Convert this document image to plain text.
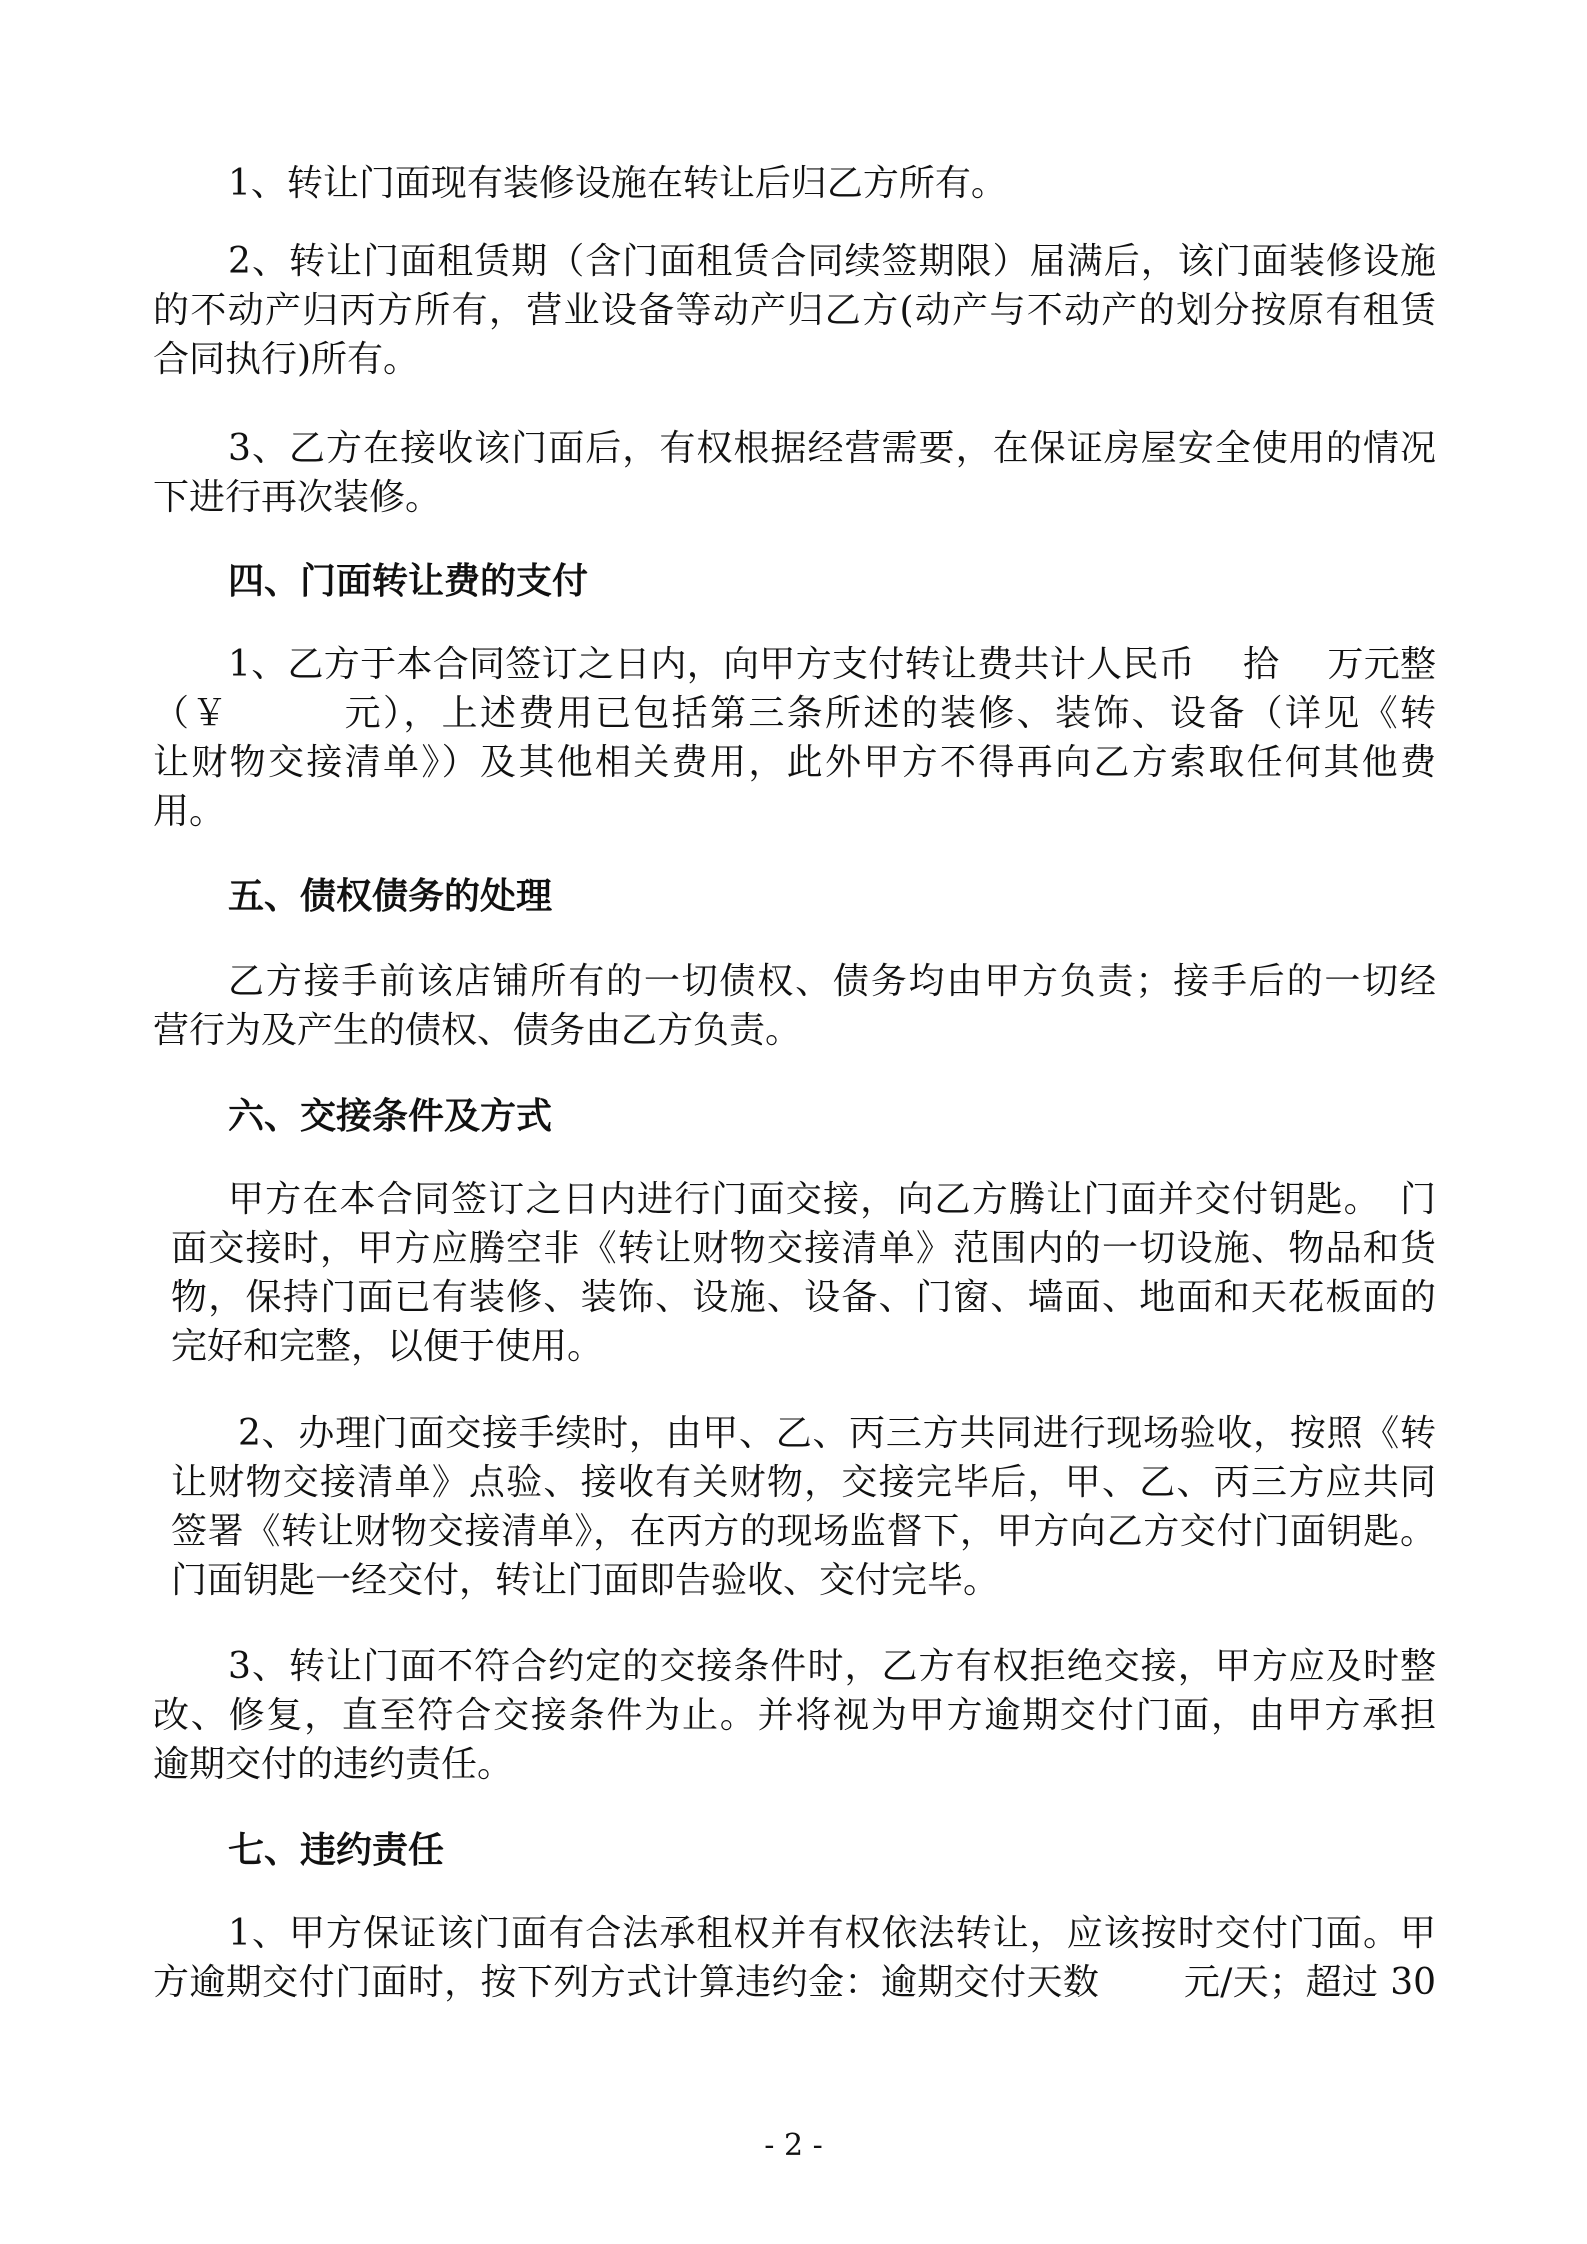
1、转让门面现有装修设施在转让后归乙方所有。
2、转让门面租赁期（含门面租赁合同续签期限）届满后，该门面装修设施
的不动产归丙方所有，营业设备等动产归乙方(动产与不动产的划分按原有租赁
合同执行)所有。
3、乙方在接收该门面后，有权根据经营需要，在保证房屋安全使用的情况
下进行再次装修。
四、门面转让费的支付
1、乙方于本合同签订之日内，向甲方支付转让费共计人民币　 拾　 万元整
（￥　　　元），上述费用已包括第三条所述的装修、装饰、设备（详见《转
让财物交接清单》）及其他相关费用，此外甲方不得再向乙方索取任何其他费
用。
五、债权债务的处理
乙方接手前该店铺所有的一切债权、债务均由甲方负责；接手后的一切经
营行为及产生的债权、债务由乙方负责。
六、交接条件及方式
甲方在本合同签订之日内进行门面交接，向乙方腾让门面并交付钥匙。　门
面交接时，甲方应腾空非《转让财物交接清单》范围内的一切设施、物品和货
物，保持门面已有装修、装饰、设施、设备、门窗、墙面、地面和天花板面的
完好和完整，以便于使用。
2、办理门面交接手续时，由甲、乙、丙三方共同进行现场验收，按照《转
让财物交接清单》点验、接收有关财物，交接完毕后，甲、乙、丙三方应共同
签署《转让财物交接清单》，在丙方的现场监督下，甲方向乙方交付门面钥匙。
门面钥匙一经交付，转让门面即告验收、交付完毕。
3、转让门面不符合约定的交接条件时，乙方有权拒绝交接，甲方应及时整
改、修复，直至符合交接条件为止。并将视为甲方逾期交付门面，由甲方承担
逾期交付的违约责任。
七、违约责任
1、甲方保证该门面有合法承租权并有权依法转让，应该按时交付门面。甲
方逾期交付门面时，按下列方式计算违约金：逾期交付天数　　 元/天；超过 30
- 2 -
